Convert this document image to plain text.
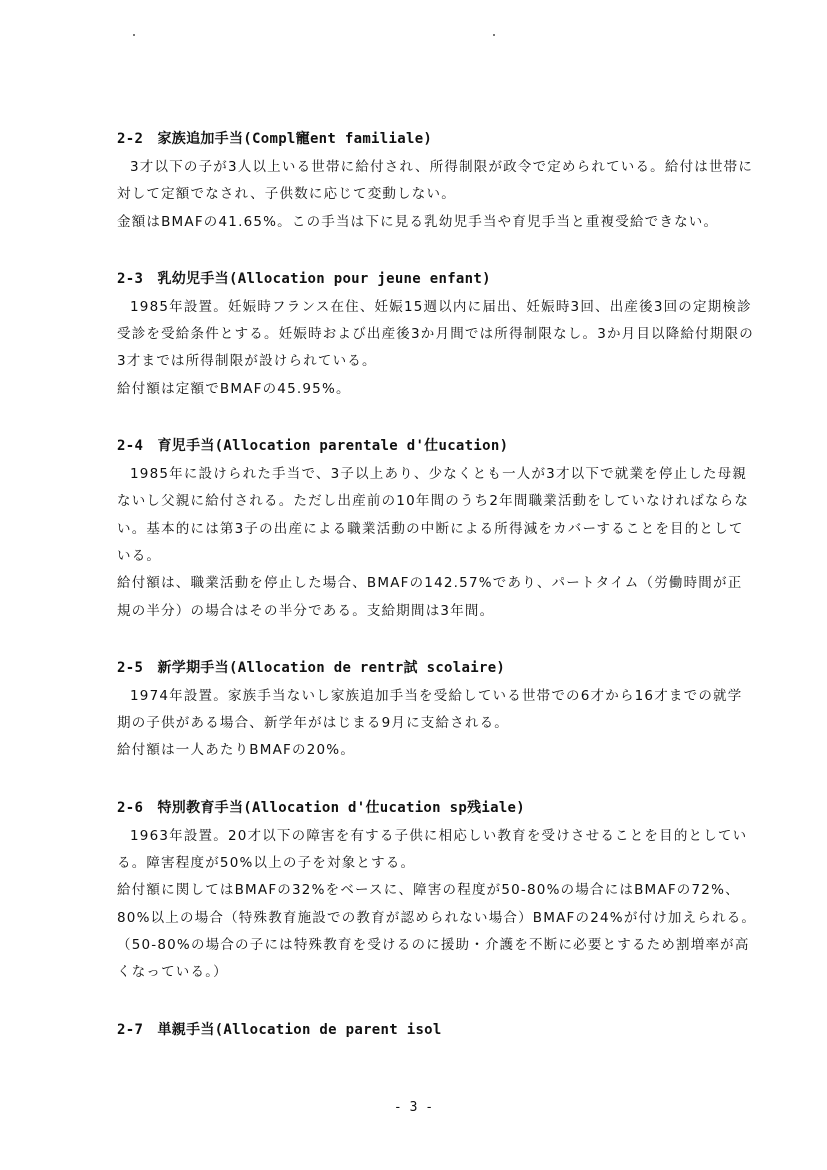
2-2　家族追加手当(Compl寵ent familiale)
3才以下の子が3人以上いる世帯に給付され、所得制限が政令で定められている。給付は世帯に対して定額でなされ、子供数に応じて変動しない。
金額はBMAFの41.65%。この手当は下に見る乳幼児手当や育児手当と重複受給できない。
2-3　乳幼児手当(Allocation pour jeune enfant)
1985年設置。妊娠時フランス在住、妊娠15週以内に届出、妊娠時3回、出産後3回の定期検診受診を受給条件とする。妊娠時および出産後3か月間では所得制限なし。3か月目以降給付期限の3才までは所得制限が設けられている。
給付額は定額でBMAFの45.95%。
2-4　育児手当(Allocation parentale d'仕ucation)
1985年に設けられた手当で、3子以上あり、少なくとも一人が3才以下で就業を停止した母親ないし父親に給付される。ただし出産前の10年間のうち2年間職業活動をしていなければならない。基本的には第3子の出産による職業活動の中断による所得減をカバーすることを目的としている。
給付額は、職業活動を停止した場合、BMAFの142.57%であり、パートタイム（労働時間が正規の半分）の場合はその半分である。支給期間は3年間。
2-5　新学期手当(Allocation de rentr試 scolaire)
1974年設置。家族手当ないし家族追加手当を受給している世帯での6才から16才までの就学期の子供がある場合、新学年がはじまる9月に支給される。
給付額は一人あたりBMAFの20%。
2-6　特別教育手当(Allocation d'仕ucation sp残iale)
1963年設置。20才以下の障害を有する子供に相応しい教育を受けさせることを目的としている。障害程度が50%以上の子を対象とする。
給付額に関してはBMAFの32%をベースに、障害の程度が50-80%の場合にはBMAFの72%、80%以上の場合（特殊教育施設での教育が認められない場合）BMAFの24%が付け加えられる。（50-80%の場合の子には特殊教育を受けるのに援助・介護を不断に必要とするため割増率が高くなっている。）
2-7　単親手当(Allocation de parent isol
- 3 -
